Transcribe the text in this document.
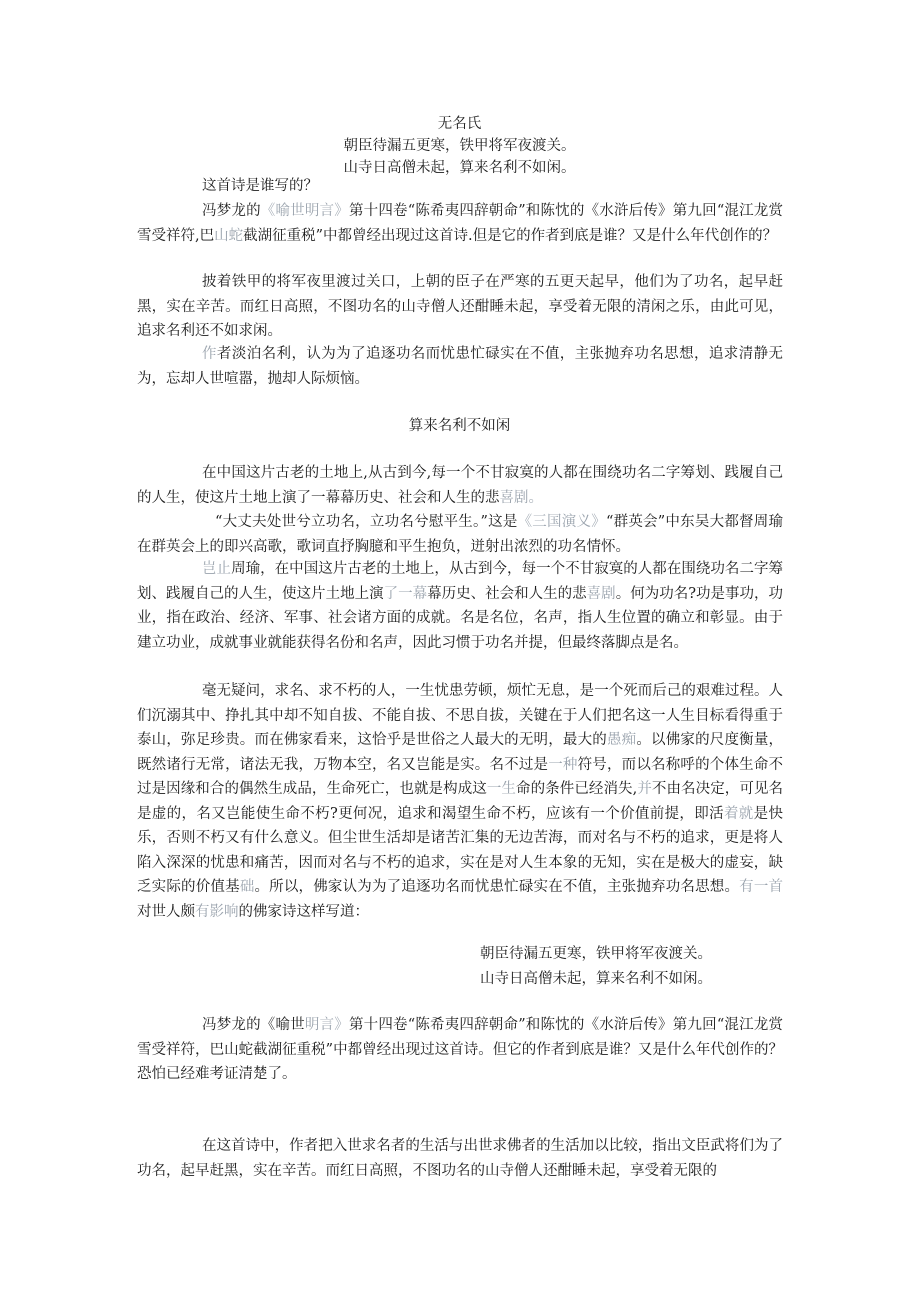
无名氏

朝臣待漏五更寒，铁甲将军夜渡关。

山寺日高僧未起，算来名利不如闲。

这首诗是谁写的？

冯梦龙的《喻世明言》第十四卷“陈希夷四辞朝命”和陈忱的《水浒后传》第九回“混江龙赏雪受祥符,巴山蛇截湖征重税”中都曾经出现过这首诗.但是它的作者到底是谁？又是什么年代创作的？

披着铁甲的将军夜里渡过关口，上朝的臣子在严寒的五更天起早，他们为了功名，起早赶黑，实在辛苦。而红日高照，不图功名的山寺僧人还酣睡未起，享受着无限的清闲之乐，由此可见，追求名利还不如求闲。

作者淡泊名利，认为为了追逐功名而忧患忙碌实在不值，主张抛弃功名思想，追求清静无为，忘却人世喧嚣，抛却人际烦恼。

算来名利不如闲

在中国这片古老的土地上,从古到今,每一个不甘寂寞的人都在围绕功名二字筹划、践履自己的人生，使这片土地上演了一幕幕历史、社会和人生的悲喜剧。

“大丈夫处世兮立功名，立功名兮慰平生。”这是《三国演义》“群英会”中东吴大都督周瑜在群英会上的即兴高歌，歌词直抒胸臆和平生抱负，迸射出浓烈的功名情怀。

岂止周瑜，在中国这片古老的土地上，从古到今，每一个不甘寂寞的人都在围绕功名二字筹划、践履自己的人生，使这片土地上演了一幕幕历史、社会和人生的悲喜剧。何为功名?功是事功，功业，指在政治、经济、军事、社会诸方面的成就。名是名位，名声，指人生位置的确立和彰显。由于建立功业，成就事业就能获得名份和名声，因此习惯于功名并提，但最终落脚点是名。

毫无疑问，求名、求不朽的人，一生忧患劳顿，烦忙无息，是一个死而后己的艰难过程。人们沉溺其中、挣扎其中却不知自拔、不能自拔、不思自拔，关键在于人们把名这一人生目标看得重于泰山，弥足珍贵。而在佛家看来，这恰乎是世俗之人最大的无明，最大的愚痴。以佛家的尺度衡量，既然诸行无常，诸法无我，万物本空，名又岂能是实。名不过是一种符号，而以名称呼的个体生命不过是因缘和合的偶然生成品，生命死亡，也就是构成这一生命的条件已经消失,并不由名决定，可见名是虚的，名又岂能使生命不朽?更何况，追求和渴望生命不朽，应该有一个价值前提，即活着就是快乐，否则不朽又有什么意义。但尘世生活却是诸苦汇集的无边苦海，而对名与不朽的追求，更是将人陷入深深的忧患和痛苦，因而对名与不朽的追求，实在是对人生本象的无知，实在是极大的虚妄，缺乏实际的价值基础。所以，佛家认为为了追逐功名而忧患忙碌实在不值，主张抛弃功名思想。有一首对世人颇有影响的佛家诗这样写道：

朝臣待漏五更寒，铁甲将军夜渡关。

山寺日高僧未起，算来名利不如闲。

冯梦龙的《喻世明言》第十四卷“陈希夷四辞朝命”和陈忱的《水浒后传》第九回“混江龙赏雪受祥符，巴山蛇截湖征重税”中都曾经出现过这首诗。但它的作者到底是谁？又是什么年代创作的？恐怕已经难考证清楚了。

在这首诗中，作者把入世求名者的生活与出世求佛者的生活加以比较，指出文臣武将们为了功名，起早赶黑，实在辛苦。而红日高照，不图功名的山寺僧人还酣睡未起，享受着无限的
